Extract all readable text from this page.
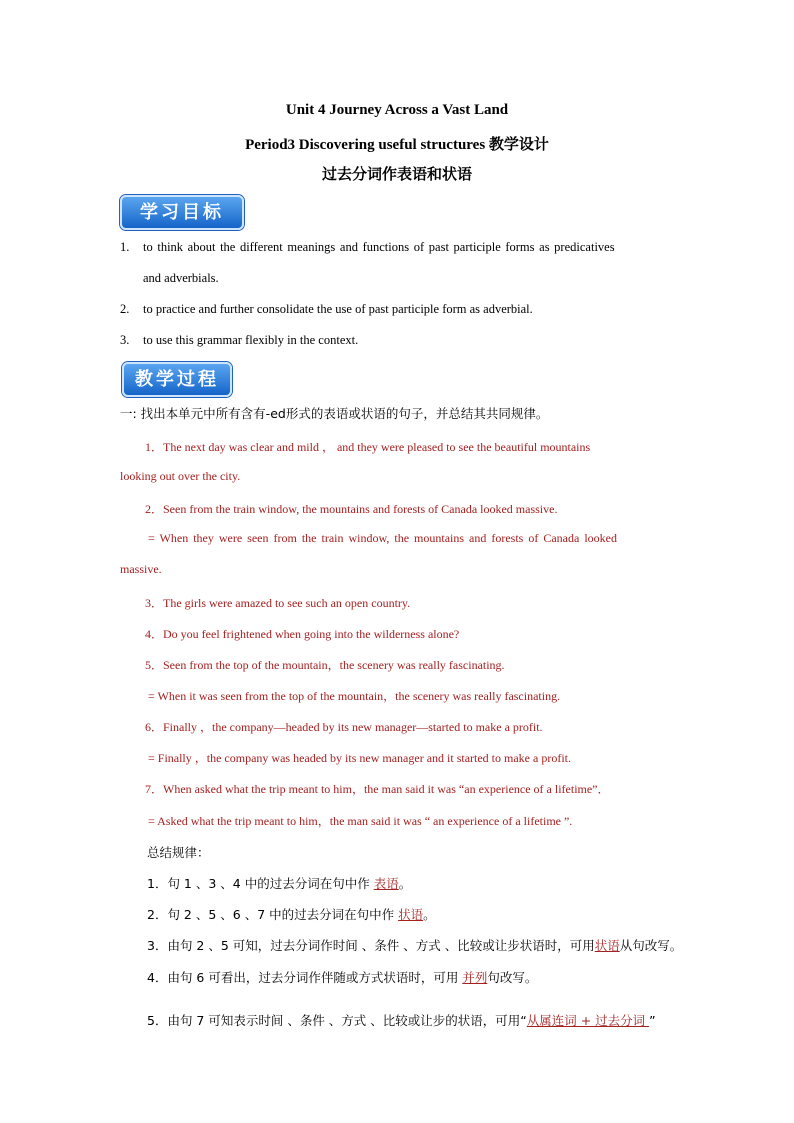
Unit 4 Journey Across a Vast Land
Period3 Discovering useful structures 教学设计
过去分词作表语和状语
学习目标
1. to think about the different meanings and functions of past participle forms as predicatives
and adverbials.
2. to practice and further consolidate the use of past participle form as adverbial.
3. to use this grammar flexibly in the context.
教学过程
一: 找出本单元中所有含有-ed形式的表语或状语的句子，并总结其共同规律。
1．The next day was clear and mild ， and they were pleased to see the beautiful mountains
looking out over the city.
2．Seen from the train window, the mountains and forests of Canada looked massive.
= When they were seen from the train window, the mountains and forests of Canada looked
massive.
3．The girls were amazed to see such an open country.
4．Do you feel frightened when going into the wilderness alone?
5．Seen from the top of the mountain，the scenery was really fascinating.
= When it was seen from the top of the mountain，the scenery was really fascinating.
6．Finally ，the company—headed by its new manager—started to make a profit.
= Finally ，the company was headed by its new manager and it started to make a profit.
7．When asked what the trip meant to him，the man said it was “an experience of a lifetime”．
= Asked what the trip meant to him，the man said it was “ an experience of a lifetime ”.
总结规律：
1．句 1 、3 、4 中的过去分词在句中作 表语。
2．句 2 、5 、6 、7 中的过去分词在句中作 状语。
3．由句 2 、5 可知，过去分词作时间 、条件 、方式 、比较或让步状语时，可用状语从句改写。
4．由句 6 可看出，过去分词作伴随或方式状语时，可用 并列句改写。
5．由句 7 可知表示时间 、条件 、方式 、比较或让步的状语，可用“从属连词 + 过去分词 ”
